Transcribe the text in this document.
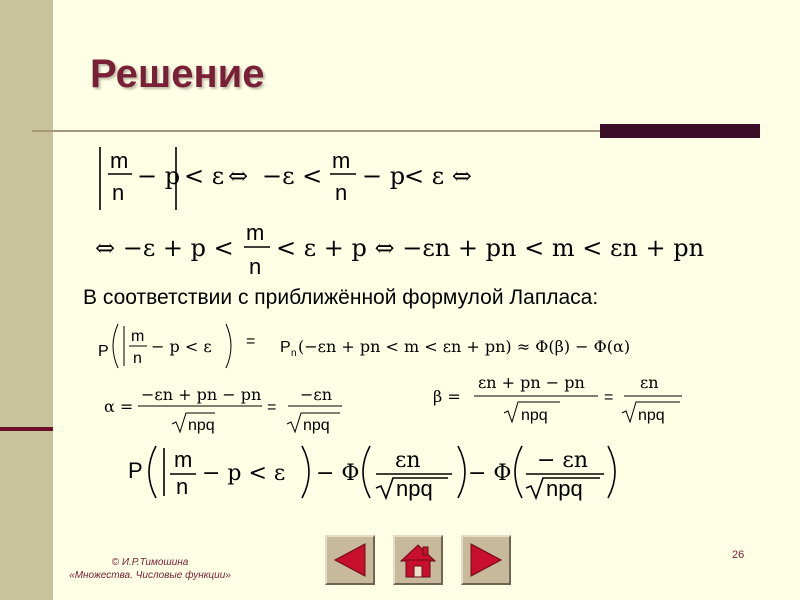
Решение
m
n
− p < ε ⇔ −ε <
m
n
− p
< ε ⇔
⇔ −ε + p <
m
n
< ε + p ⇔ −εn + pn < m < εn + pn
P
m
n
− p < ε = P n (−εn + pn < m < εn + pn) ≈ Φ(β) − Φ(α)
α =
−εn + pn − pn
npq
=
−εn
npq
β =
εn + pn − pn
npq
=
εn
npq
P m
n
− p < ε − Φ
εn
npq
− Φ
− εn
npq
В соответствии с приближённой формулой Лапласа:
© И.Р.Тимошина
«Множества. Числовые функции»
26
